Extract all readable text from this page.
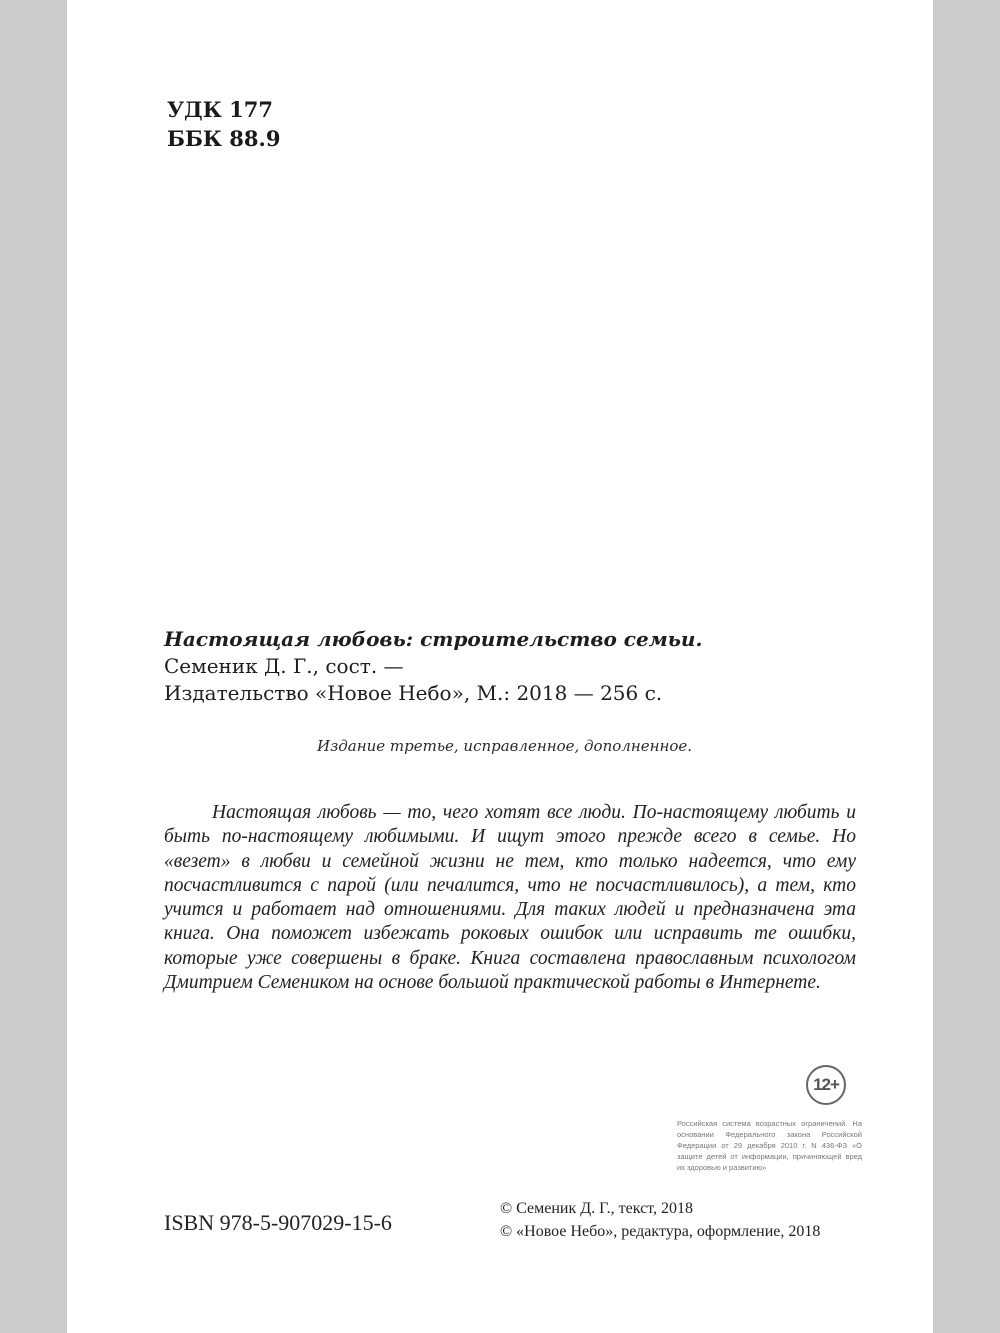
УДК 177
ББК 88.9
Настоящая любовь: строительство семьи.
Семеник Д. Г., сост. —
Издательство «Новое Небо», М.: 2018 — 256 с.
Издание третье, исправленное, дополненное.

Настоящая любовь — то, чего хотят все люди. По-настоящему любить и быть по-настоящему любимыми. И ищут этого прежде всего в семье. Но «везет» в любви и семейной жизни не тем, кто только надеется, что ему посчастливится с парой (или печалится, что не посчастливилось), а тем, кто учится и работает над отношениями. Для таких людей и предназначена эта книга. Она поможет избежать роковых ошибок или исправить те ошибки, которые уже совершены в браке. Книга составлена православным психологом Дмитрием Семеником на основе большой практической работы в Интернете.

12+
Российская система возрастных ограничений. На основании Федерального закона Российской Федерации от 29 декабря 2010 г. N 436-ФЗ «О защите детей от информации, причиняющей вред их здоровью и развитию»
ISBN 978-5-907029-15-6
© Семеник Д. Г., текст, 2018
© «Новое Небо», редактура, оформление, 2018
